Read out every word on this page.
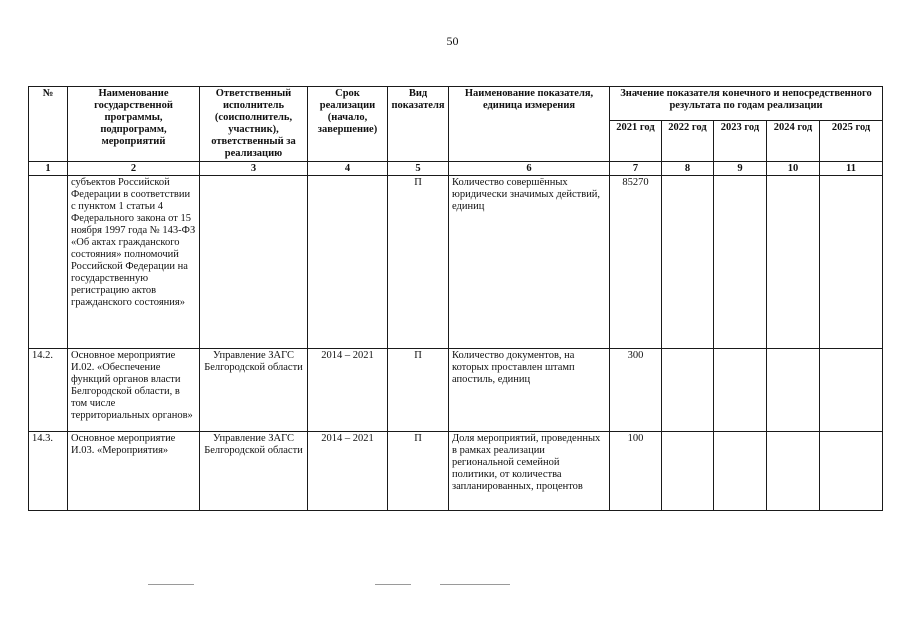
50
№	Наименование государственной программы, подпрограмм, мероприятий	Ответственный исполнитель (соисполнитель, участник), ответственный за реализацию	Срок реализации (начало, завершение)	Вид показателя	Наименование показателя, единица измерения	Значение показателя конечного и непосредственного результата по годам реализации				
						2021 год	2022 год	2023 год	2024 год	2025 год
1	2	3	4	5	6	7	8	9	10	11
	субъектов Российской Федерации в соответствии с пунктом 1 статьи 4 Федерального закона от 15 ноября 1997 года № 143-ФЗ «Об актах гражданского состояния» полномочий Российской Федерации на государственную регистрацию актов гражданского состояния»			П	Количество совершённых юридически значимых действий, единиц	85270				
14.2.	Основное мероприятие И.02. «Обеспечение функций органов власти Белгородской области, в том числе территориальных органов»	Управление ЗАГС Белгородской области	2014 – 2021	П	Количество документов, на которых проставлен штамп апостиль, единиц	300				
14.3.	Основное мероприятие И.03. «Мероприятия»	Управление ЗАГС Белгородской области	2014 – 2021	П	Доля мероприятий, проведенных в рамках реализации региональной семейной политики, от количества запланированных, процентов	100				
